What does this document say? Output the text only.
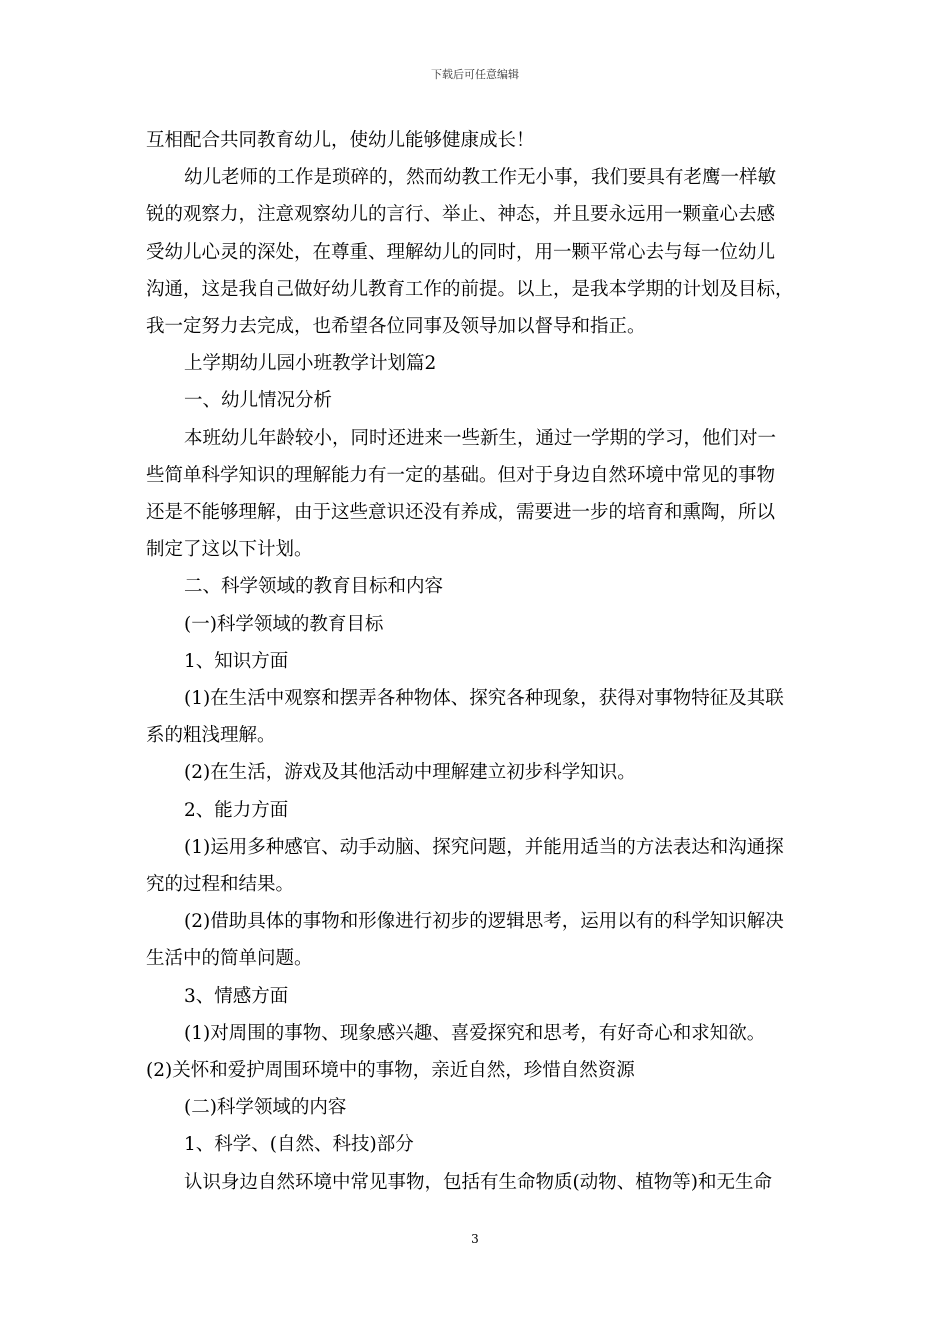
下载后可任意编辑

互相配合共同教育幼儿，使幼儿能够健康成长！

幼儿老师的工作是琐碎的，然而幼教工作无小事，我们要具有老鹰一样敏

锐的观察力，注意观察幼儿的言行、举止、神态，并且要永远用一颗童心去感

受幼儿心灵的深处，在尊重、理解幼儿的同时，用一颗平常心去与每一位幼儿

沟通，这是我自己做好幼儿教育工作的前提。以上，是我本学期的计划及目标，

我一定努力去完成，也希望各位同事及领导加以督导和指正。

上学期幼儿园小班教学计划篇2

一、幼儿情况分析

本班幼儿年龄较小，同时还进来一些新生，通过一学期的学习，他们对一

些简单科学知识的理解能力有一定的基础。但对于身边自然环境中常见的事物

还是不能够理解，由于这些意识还没有养成，需要进一步的培育和熏陶，所以

制定了这以下计划。

二、科学领域的教育目标和内容

(一)科学领域的教育目标

1、知识方面

(1)在生活中观察和摆弄各种物体、探究各种现象，获得对事物特征及其联

系的粗浅理解。

(2)在生活，游戏及其他活动中理解建立初步科学知识。

2、能力方面

(1)运用多种感官、动手动脑、探究问题，并能用适当的方法表达和沟通探

究的过程和结果。

(2)借助具体的事物和形像进行初步的逻辑思考，运用以有的科学知识解决

生活中的简单问题。

3、情感方面

(1)对周围的事物、现象感兴趣、喜爱探究和思考，有好奇心和求知欲。

(2)关怀和爱护周围环境中的事物，亲近自然，珍惜自然资源

(二)科学领域的内容

1、科学、(自然、科技)部分

认识身边自然环境中常见事物，包括有生命物质(动物、植物等)和无生命

3
